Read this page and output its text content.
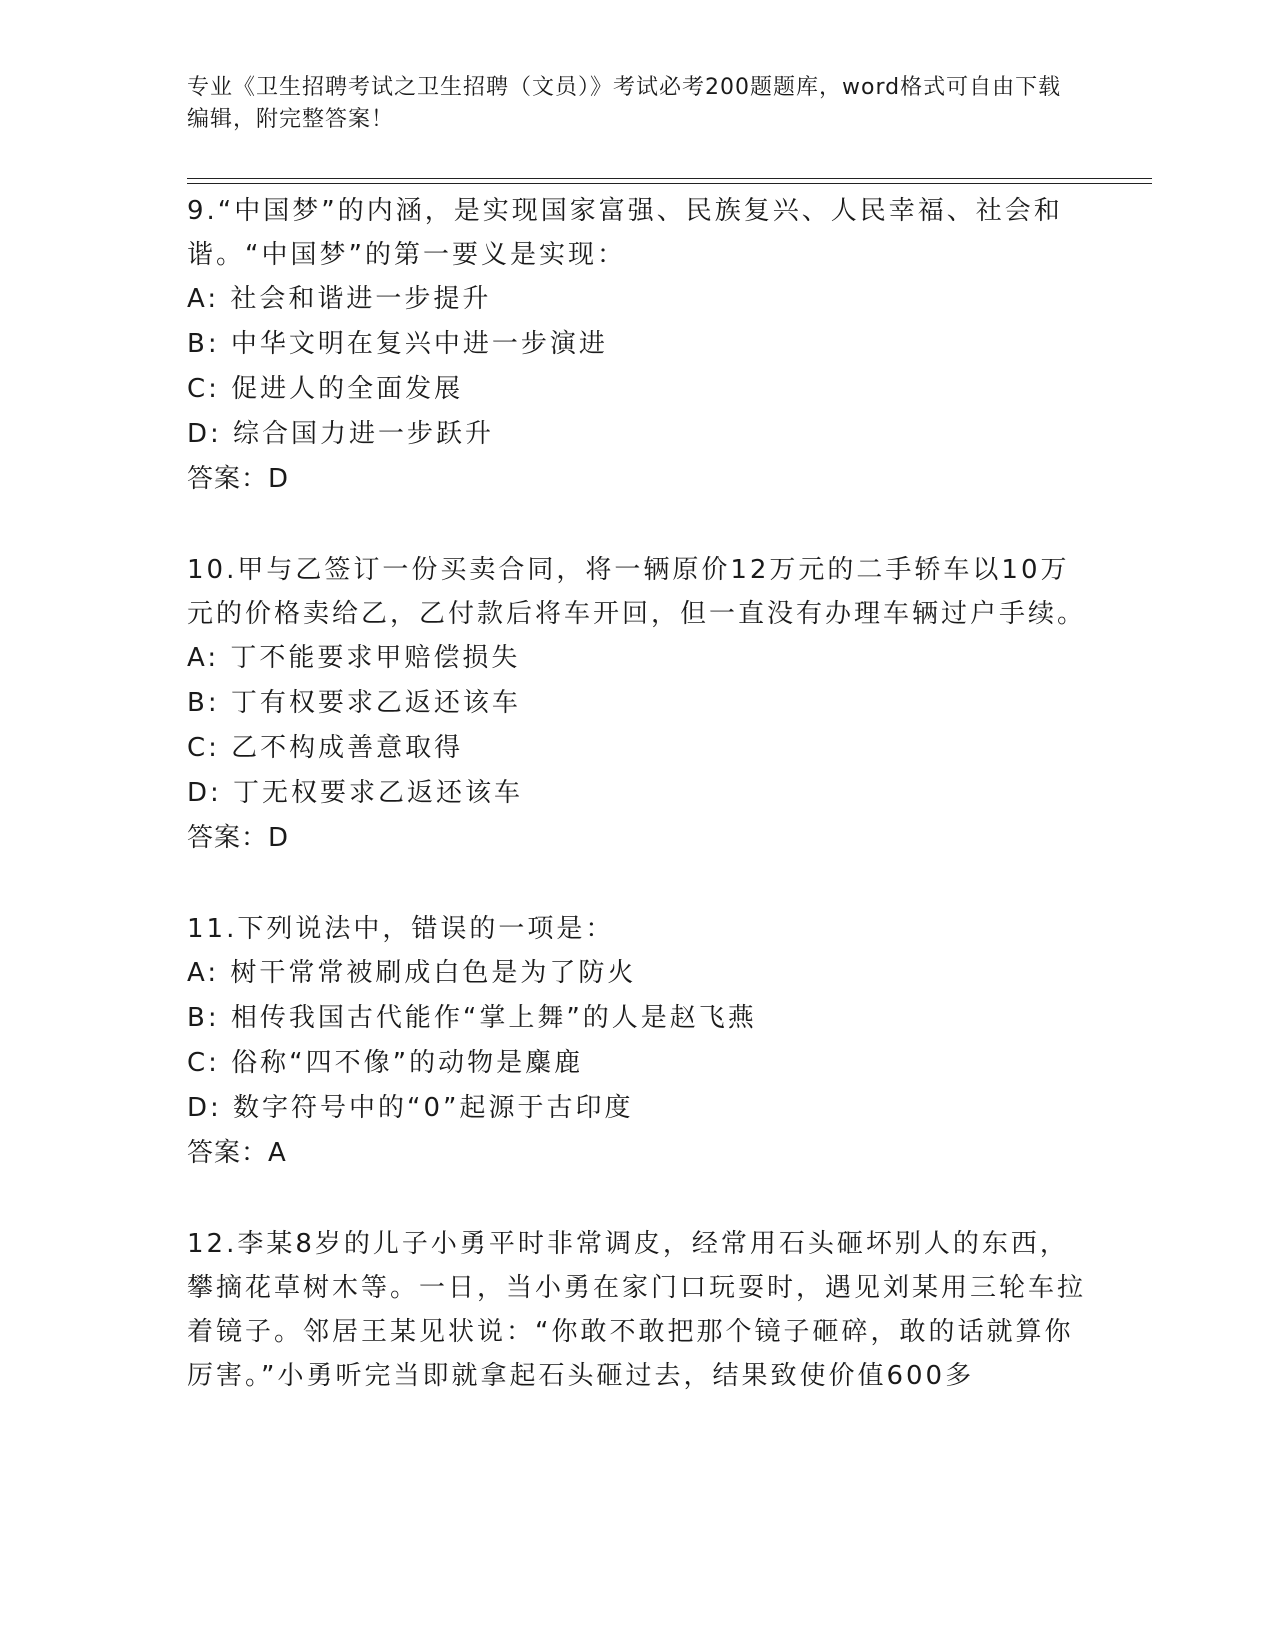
专业《卫生招聘考试之卫生招聘（文员）》考试必考200题题库，word格式可自由下载编辑，附完整答案！

9.“中国梦”的内涵，是实现国家富强、民族复兴、人民幸福、社会和谐。“中国梦”的第一要义是实现：

A: 社会和谐进一步提升

B: 中华文明在复兴中进一步演进

C: 促进人的全面发展

D: 综合国力进一步跃升

答案：D

10.甲与乙签订一份买卖合同，将一辆原价12万元的二手轿车以10万元的价格卖给乙，乙付款后将车开回，但一直没有办理车辆过户手续。

A: 丁不能要求甲赔偿损失

B: 丁有权要求乙返还该车

C: 乙不构成善意取得

D: 丁无权要求乙返还该车

答案：D

11.下列说法中，错误的一项是：

A: 树干常常被刷成白色是为了防火

B: 相传我国古代能作“掌上舞”的人是赵飞燕

C: 俗称“四不像”的动物是麋鹿

D: 数字符号中的“0”起源于古印度

答案：A

12.李某8岁的儿子小勇平时非常调皮，经常用石头砸坏别人的东西，攀摘花草树木等。一日，当小勇在家门口玩耍时，遇见刘某用三轮车拉着镜子。邻居王某见状说：“你敢不敢把那个镜子砸碎，敢的话就算你厉害。”小勇听完当即就拿起石头砸过去，结果致使价值600多
